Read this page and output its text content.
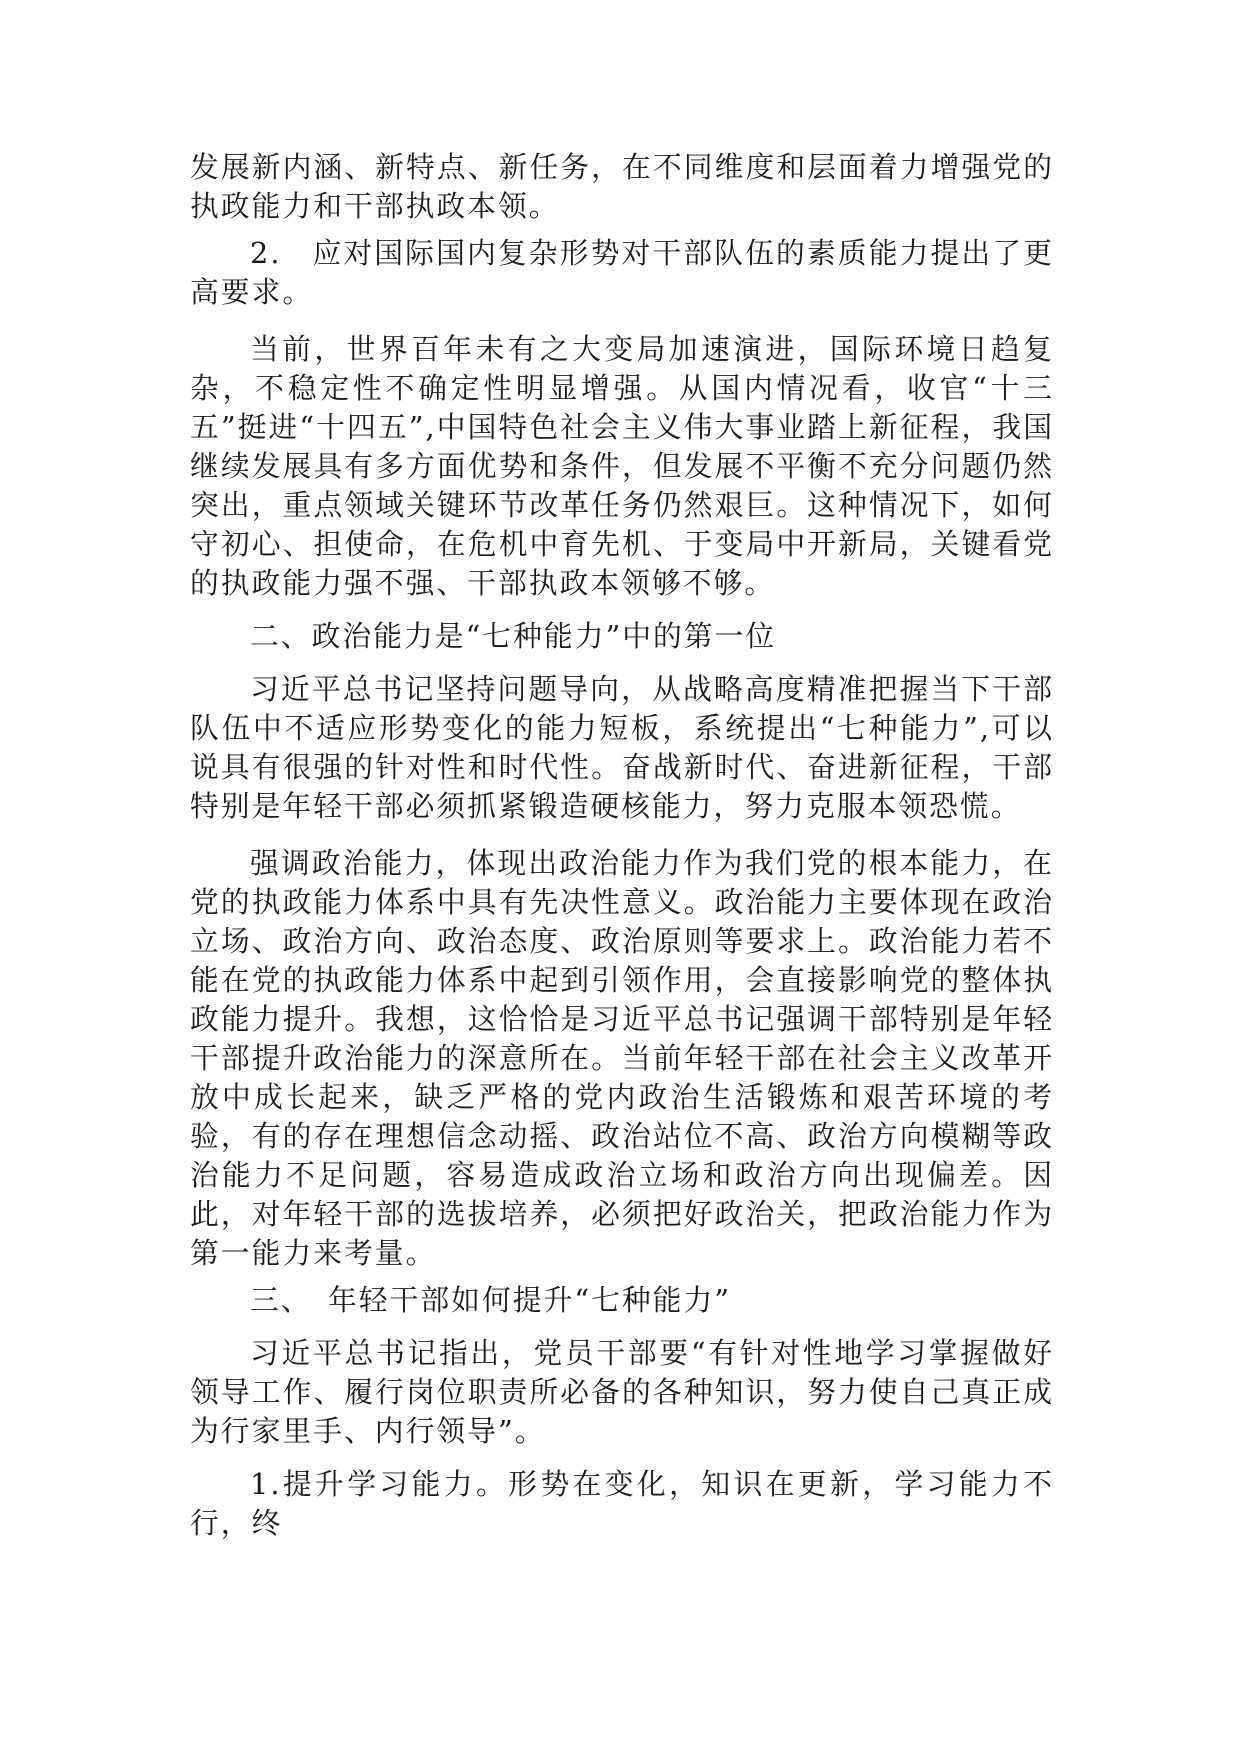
发展新内涵、新特点、新任务，在不同维度和层面着力增强党的执政能力和干部执政本领。

2.　应对国际国内复杂形势对干部队伍的素质能力提出了更高要求。

当前，世界百年未有之大变局加速演进，国际环境日趋复杂，不稳定性不确定性明显增强。从国内情况看，收官“十三五”挺进“十四五”,中国特色社会主义伟大事业踏上新征程，我国继续发展具有多方面优势和条件，但发展不平衡不充分问题仍然突出，重点领域关键环节改革任务仍然艰巨。这种情况下，如何守初心、担使命，在危机中育先机、于变局中开新局，关键看党的执政能力强不强、干部执政本领够不够。

二、政治能力是“七种能力”中的第一位

习近平总书记坚持问题导向，从战略高度精准把握当下干部队伍中不适应形势变化的能力短板，系统提出“七种能力”,可以说具有很强的针对性和时代性。奋战新时代、奋进新征程，干部特别是年轻干部必须抓紧锻造硬核能力，努力克服本领恐慌。

强调政治能力，体现出政治能力作为我们党的根本能力，在党的执政能力体系中具有先决性意义。政治能力主要体现在政治立场、政治方向、政治态度、政治原则等要求上。政治能力若不能在党的执政能力体系中起到引领作用，会直接影响党的整体执政能力提升。我想，这恰恰是习近平总书记强调干部特别是年轻干部提升政治能力的深意所在。当前年轻干部在社会主义改革开放中成长起来，缺乏严格的党内政治生活锻炼和艰苦环境的考验，有的存在理想信念动摇、政治站位不高、政治方向模糊等政治能力不足问题，容易造成政治立场和政治方向出现偏差。因此，对年轻干部的选拔培养，必须把好政治关，把政治能力作为第一能力来考量。

三、　年轻干部如何提升“七种能力”

习近平总书记指出，党员干部要“有针对性地学习掌握做好领导工作、履行岗位职责所必备的各种知识，努力使自己真正成为行家里手、内行领导”。

1.提升学习能力。形势在变化，知识在更新，学习能力不行，终
